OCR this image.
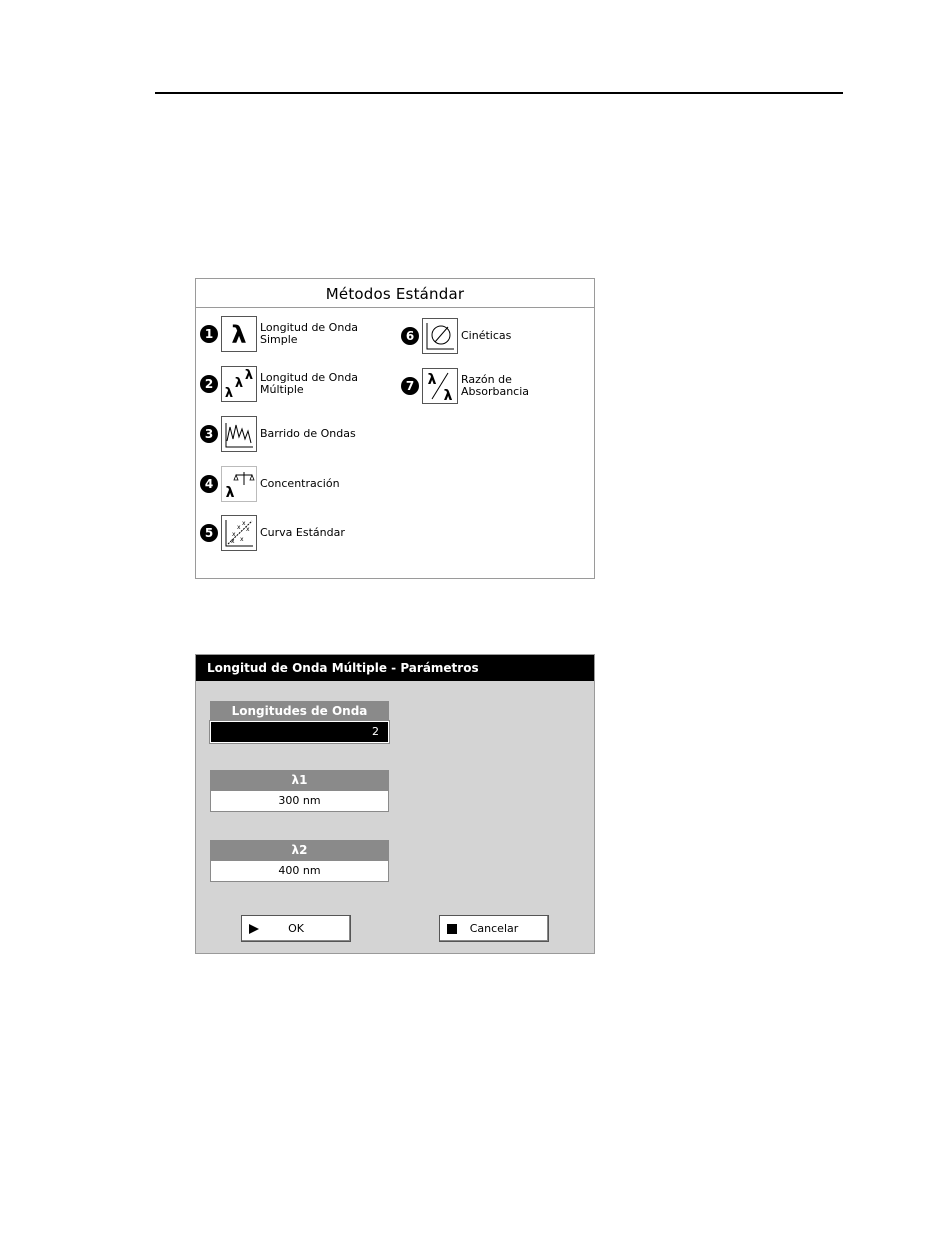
Métodos Estándar
1 λ Longitud de Onda
Simple
2
λ
λ
λ Longitud de Onda
Múltiple
3	Barrido de Ondas
4
λ
Concentración
5	x
x
x
x
x
x
Curva Estándar
6	Cinéticas
7 λ
λ
Razón de
Absorbancia
Longitud de Onda Múltiple - Parámetros
Longitudes de Onda
2
λ1
300 nm
λ2
400 nm
OK	Cancelar
